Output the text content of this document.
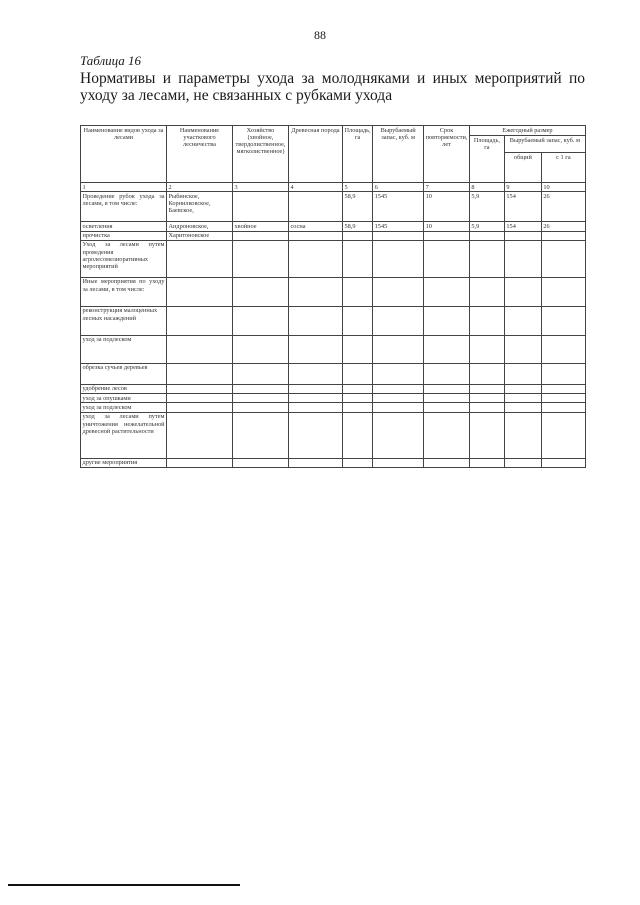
88
Таблица 16
Нормативы и параметры ухода за молодняками и иных мероприятий по уходу за лесами, не связанных с рубками ухода
Наименование видов ухода за лесами	Наименование участкового лесничества	Хозяйство (хвойное, твердолиственное, мягколиственное)	Древесная порода	Площадь, га	Вырубаемый запас, куб. м	Срок повторяемости, лет	Ежегодный размер		
							Площадь, га	Вырубаемый запас, куб. м	
								общий	с 1 га
1	2	3	4	5	6	7	8	9	10
Проведение рубок ухода за лесами, в том числе:	Рыбинское, Корнилковское, Баевское,			58,9	1545	10	5,9	154	26
осветления	Андроновское,	хвойное	сосна	58,9	1545	10	5,9	154	26
прочистка	Харитоновское								
Уход за лесами путем проведения агролесомелиоративных мероприятий									
Иные мероприятия по уходу за лесами, в том числе:									
реконструкция малоценных лесных насаждений									
уход за подлеском									
обрезка сучьев деревьев									
удобрение лесов									
уход за опушками									
уход за подлеском									
уход за лесами путем уничтожения нежелательной древесной растительности									
другие мероприятия									
